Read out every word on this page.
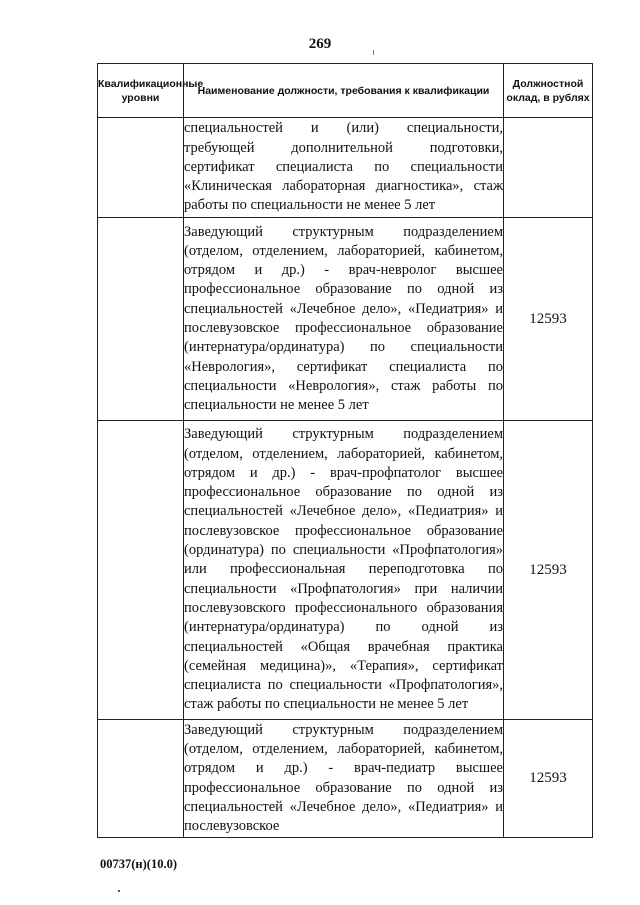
269
Квалификационные уровни	Наименование должности, требования к квалификации	Должностной оклад, в рублях
	специальностей и (или) специальности, требующей дополнительной подготовки, сертификат специалиста по специальности «Клиническая лабораторная диагностика», стаж работы по специальности не менее 5 лет	
	Заведующий структурным подразделением (отделом, отделением, лабораторией, кабинетом, отрядом и др.) - врач-невролог высшее профессиональное образование по одной из специальностей «Лечебное дело», «Педиатрия» и послевузовское профессиональное образование (интернатура/ординатура) по специальности «Неврология», сертификат специалиста по специальности «Неврология», стаж работы по специальности не менее 5 лет	12593
	Заведующий структурным подразделением (отделом, отделением, лабораторией, кабинетом, отрядом и др.) - врач-профпатолог высшее профессиональное образование по одной из специальностей «Лечебное дело», «Педиатрия» и послевузовское профессиональное образование (ординатура) по специальности «Профпатология» или профессиональная переподготовка по специальности «Профпатология» при наличии послевузовского профессионального образования (интернатура/ординатура) по одной из специальностей «Общая врачебная практика (семейная медицина)», «Терапия», сертификат специалиста по специальности «Профпатология», стаж работы по специальности не менее 5 лет	12593
	Заведующий структурным подразделением (отделом, отделением, лабораторией, кабинетом, отрядом и др.) - врач-педиатр высшее профессиональное образование по одной из специальностей «Лечебное дело», «Педиатрия» и послевузовское	12593
00737(н)(10.0)
